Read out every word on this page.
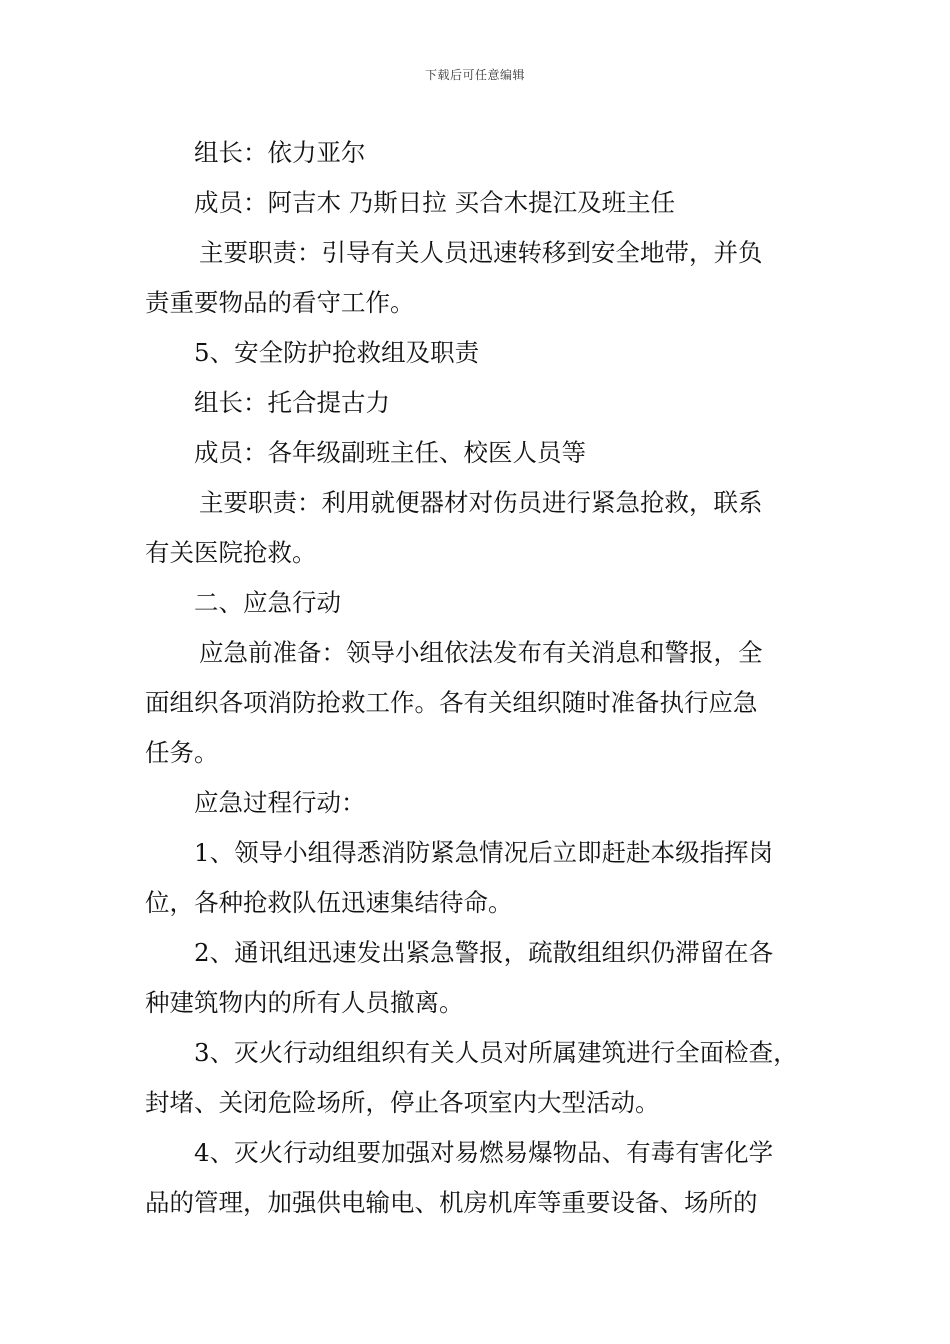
下载后可任意编辑
组长：依力亚尔
成员：阿吉木 乃斯日拉 买合木提江及班主任
主要职责：引导有关人员迅速转移到安全地带，并负
责重要物品的看守工作。
5、安全防护抢救组及职责
组长：托合提古力
成员：各年级副班主任、校医人员等
主要职责：利用就便器材对伤员进行紧急抢救，联系
有关医院抢救。
二、应急行动
应急前准备：领导小组依法发布有关消息和警报，全
面组织各项消防抢救工作。各有关组织随时准备执行应急
任务。
应急过程行动：
1、领导小组得悉消防紧急情况后立即赶赴本级指挥岗
位，各种抢救队伍迅速集结待命。
2、通讯组迅速发出紧急警报，疏散组组织仍滞留在各
种建筑物内的所有人员撤离。
3、灭火行动组组织有关人员对所属建筑进行全面检查，
封堵、关闭危险场所，停止各项室内大型活动。
4、灭火行动组要加强对易燃易爆物品、有毒有害化学
品的管理，加强供电输电、机房机库等重要设备、场所的
